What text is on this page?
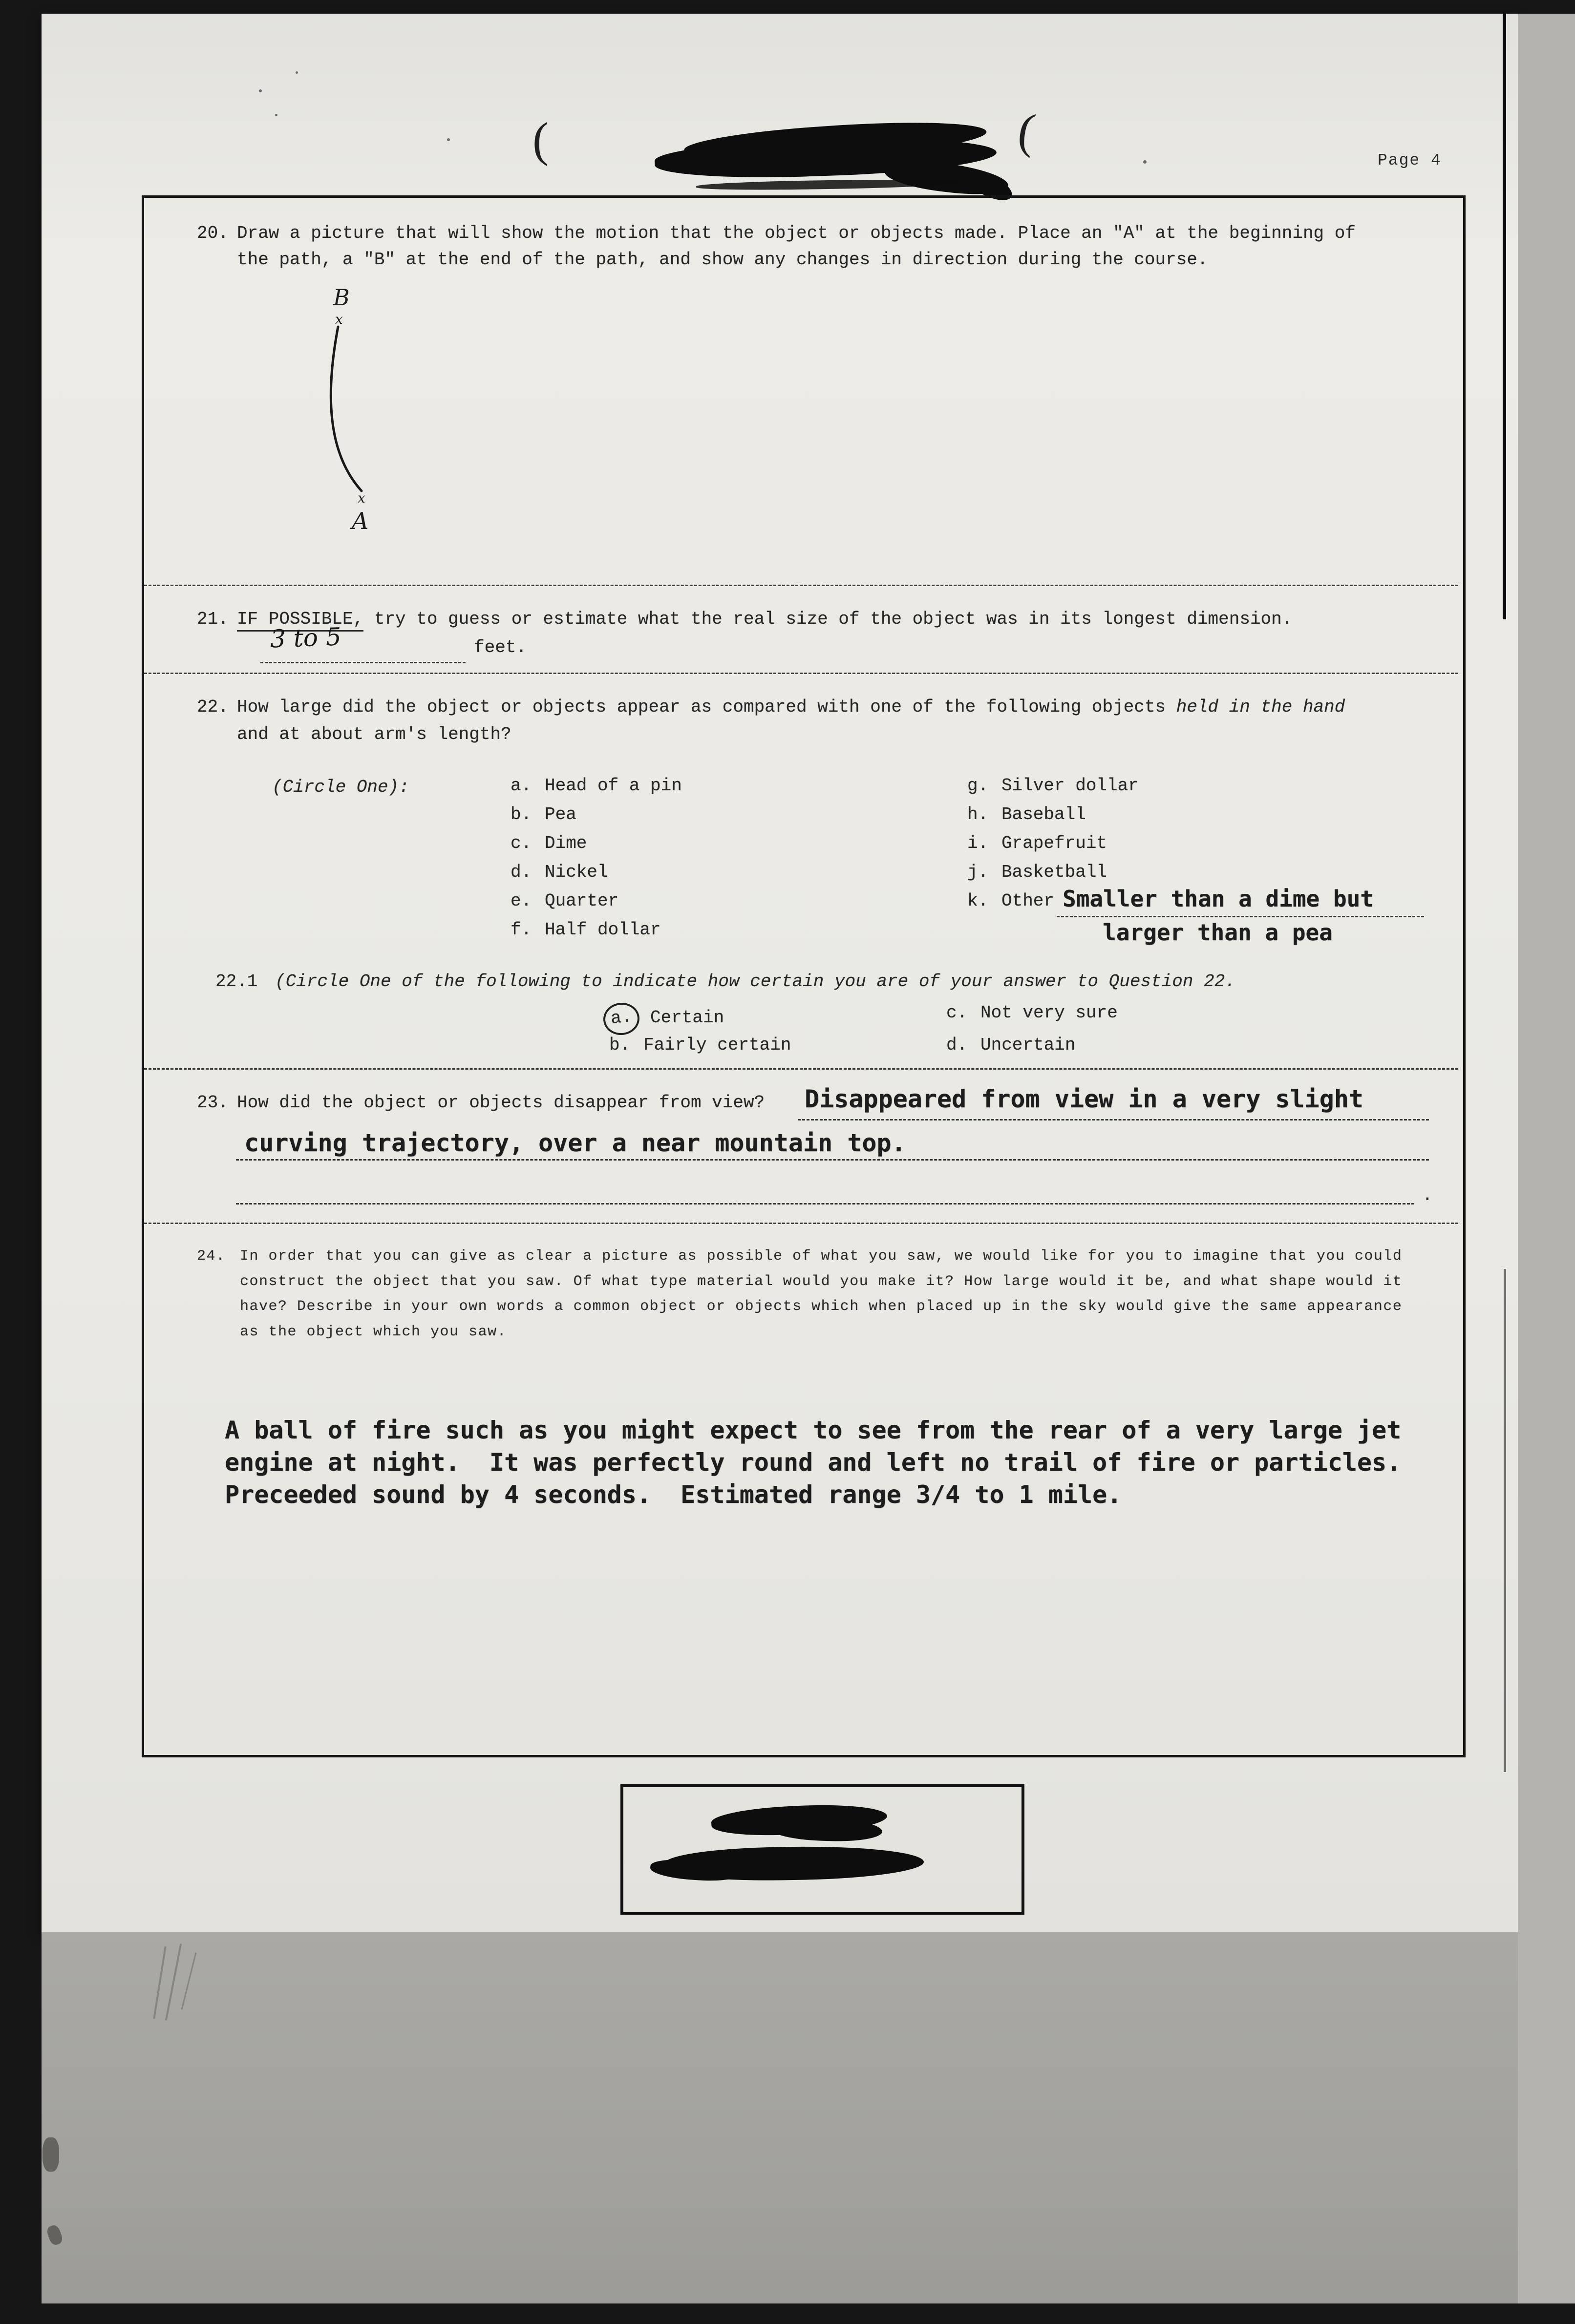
(	(
Page 4
20. Draw a picture that will show the motion that the object or objects made. Place an "A" at the beginning of the path, a "B" at the end of the path, and show any changes in direction during the course.
B
x
x
A
21. IF POSSIBLE, try to guess or estimate what the real size of the object was in its longest dimension.
3 to 5	feet.
22. How large did the object or objects appear as compared with one of the following objects held in the hand
and at about arm's length?
(Circle One):	a. Head of a pin
b. Pea
c. Dime
d. Nickel
e. Quarter
f. Half dollar
g. Silver dollar
h. Baseball
i. Grapefruit
j. Basketball
k. Other Smaller than a dime but
larger than a pea
22.1 (Circle One of the following to indicate how certain you are of your answer to Question 22.
a. Certain
b. Fairly certain
c. Not very sure
d. Uncertain
23. How did the object or objects disappear from view? Disappeared from view in a very slight
curving trajectory, over a near mountain top.
.
24. In order that you can give as clear a picture as possible of what you saw, we would like for you to imagine that you could construct the object that you saw. Of what type material would you make it? How large would it be, and what shape would it have? Describe in your own words a common object or objects which when placed up in the sky would give the same appearance as the object which you saw.
A ball of fire such as you might expect to see from the rear of a very large jet engine at night.  It was perfectly round and left no trail of fire or particles.  Preceeded sound by 4 seconds.  Estimated range 3/4 to 1 mile.
